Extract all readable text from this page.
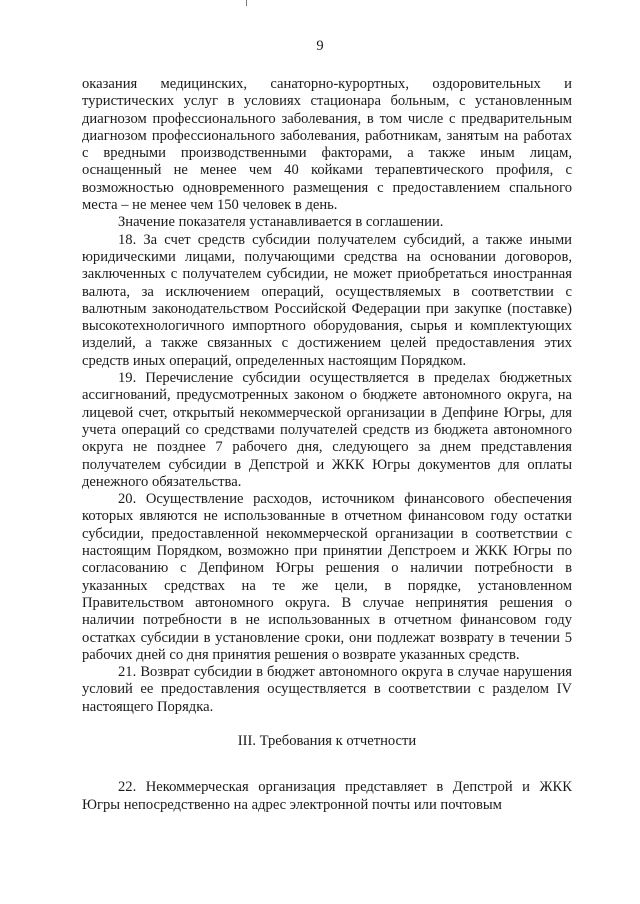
9

оказания медицинских, санаторно-курортных, оздоровительных и туристических услуг в условиях стационара больным, с установленным диагнозом профессионального заболевания, в том числе с предварительным диагнозом профессионального заболевания, работникам, занятым на работах с вредными производственными факторами, а также иным лицам, оснащенный не менее чем 40 койками терапевтического профиля, с возможностью одновременного размещения с предоставлением спального места – не менее чем 150 человек в день.

Значение показателя устанавливается в соглашении.

18. За счет средств субсидии получателем субсидий, а также иными юридическими лицами, получающими средства на основании договоров, заключенных с получателем субсидии, не может приобретаться иностранная валюта, за исключением операций, осуществляемых в соответствии с валютным законодательством Российской Федерации при закупке (поставке) высокотехнологичного импортного оборудования, сырья и комплектующих изделий, а также связанных с достижением целей предоставления этих средств иных операций, определенных настоящим Порядком.

19. Перечисление субсидии осуществляется в пределах бюджетных ассигнований, предусмотренных законом о бюджете автономного округа, на лицевой счет, открытый некоммерческой организации в Депфине Югры, для учета операций со средствами получателей средств из бюджета автономного округа не позднее 7 рабочего дня, следующего за днем представления получателем субсидии в Депстрой и ЖКК Югры документов для оплаты денежного обязательства.

20. Осуществление расходов, источником финансового обеспечения которых являются не использованные в отчетном финансовом году остатки субсидии, предоставленной некоммерческой организации в соответствии с настоящим Порядком, возможно при принятии Депстроем и ЖКК Югры по согласованию с Депфином Югры решения о наличии потребности в указанных средствах на те же цели, в порядке, установленном Правительством автономного округа. В случае непринятия решения о наличии потребности в не использованных в отчетном финансовом году остатках субсидии в установление сроки, они подлежат возврату в течении 5 рабочих дней со дня принятия решения о возврате указанных средств.

21. Возврат субсидии в бюджет автономного округа в случае нарушения условий ее предоставления осуществляется в соответствии с разделом IV настоящего Порядка.

III. Требования к отчетности

22. Некоммерческая организация представляет в Депстрой и ЖКК Югры непосредственно на адрес электронной почты или почтовым
